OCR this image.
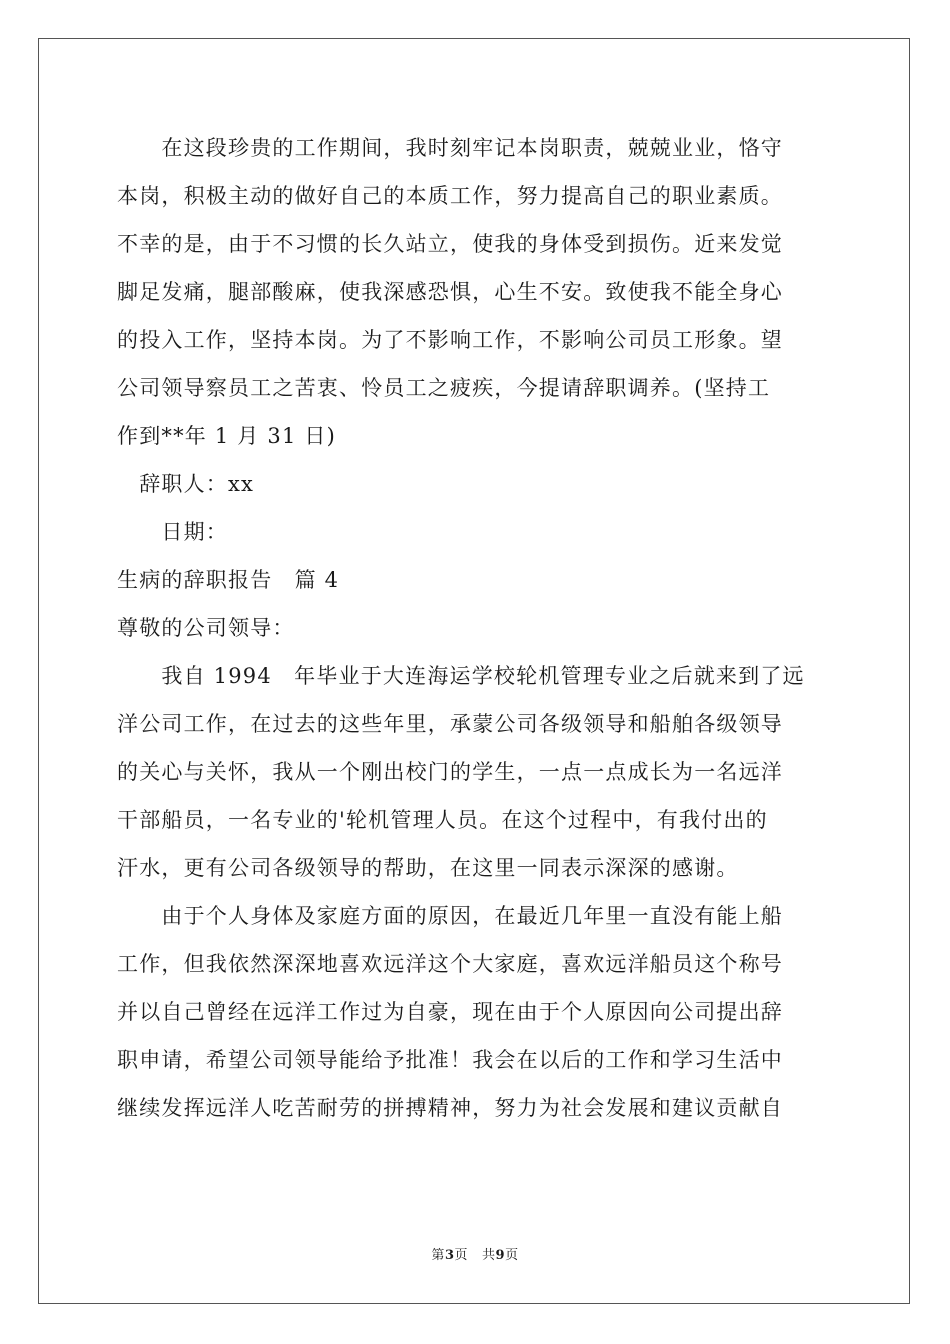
　　在这段珍贵的工作期间，我时刻牢记本岗职责，兢兢业业，恪守
本岗，积极主动的做好自己的本质工作，努力提高自己的职业素质。
不幸的是，由于不习惯的长久站立，使我的身体受到损伤。近来发觉
脚足发痛，腿部酸麻，使我深感恐惧，心生不安。致使我不能全身心
的投入工作，坚持本岗。为了不影响工作，不影响公司员工形象。望
公司领导察员工之苦衷、怜员工之疲疾，今提请辞职调养。(坚持工
作到**年 1 月 31 日)
　辞职人：xx
　　日期：
生病的辞职报告　篇 4
尊敬的公司领导：
　　我自 1994　年毕业于大连海运学校轮机管理专业之后就来到了远
洋公司工作，在过去的这些年里，承蒙公司各级领导和船舶各级领导
的关心与关怀，我从一个刚出校门的学生，一点一点成长为一名远洋
干部船员，一名专业的'轮机管理人员。在这个过程中，有我付出的
汗水，更有公司各级领导的帮助，在这里一同表示深深的感谢。
　　由于个人身体及家庭方面的原因，在最近几年里一直没有能上船
工作，但我依然深深地喜欢远洋这个大家庭，喜欢远洋船员这个称号
并以自己曾经在远洋工作过为自豪，现在由于个人原因向公司提出辞
职申请，希望公司领导能给予批准！我会在以后的工作和学习生活中
继续发挥远洋人吃苦耐劳的拼搏精神，努力为社会发展和建议贡献自
第3页 共9页
